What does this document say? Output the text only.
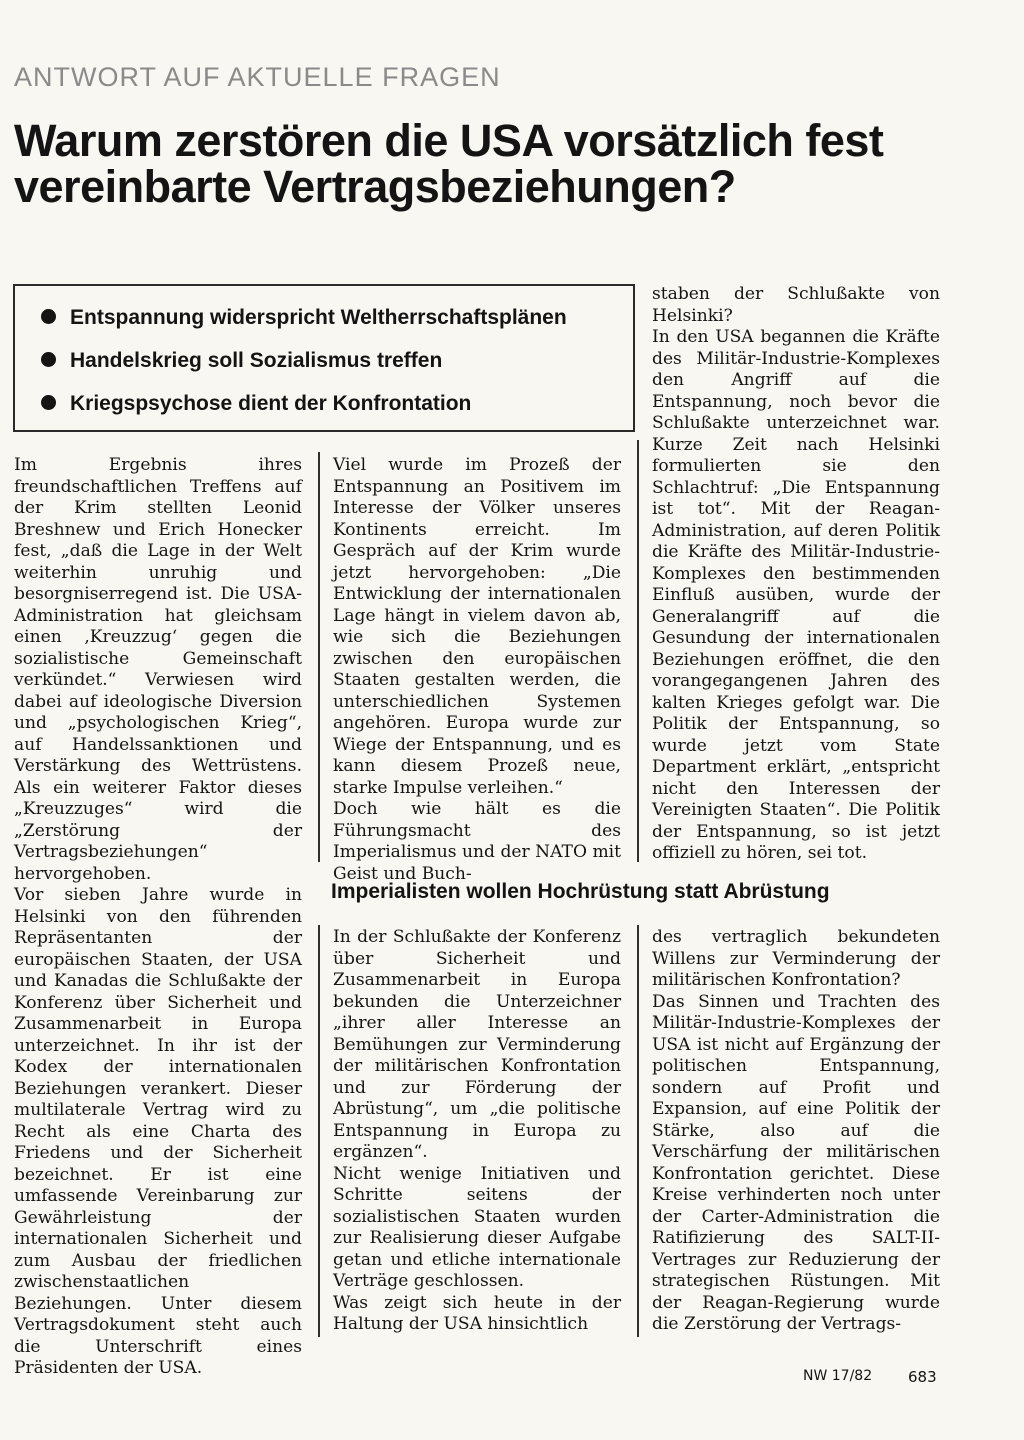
ANTWORT AUF AKTUELLE FRAGEN
Warum zerstören die USA vorsätzlich fest vereinbarte Vertragsbeziehungen?
Entspannung widerspricht Weltherrschaftsplänen
Handelskrieg soll Sozialismus treffen
Kriegspsychose dient der Konfrontation

Im Ergebnis ihres freundschaftlichen Treffens auf der Krim stellten Leonid Breshnew und Erich Honecker fest, „daß die Lage in der Welt weiterhin unruhig und besorgniserregend ist. Die USA-Administration hat gleichsam einen ‚Kreuzzug‘ gegen die sozialistische Gemeinschaft verkündet.“ Verwiesen wird dabei auf ideologische Diversion und „psychologischen Krieg“, auf Handelssanktionen und Verstärkung des Wettrüstens. Als ein weiterer Faktor dieses „Kreuzzuges“ wird die „Zerstörung der Vertragsbeziehungen“ hervorgehoben.

Vor sieben Jahre wurde in Helsinki von den führenden Repräsentanten der europäischen Staaten, der USA und Kanadas die Schlußakte der Konferenz über Sicherheit und Zusammenarbeit in Europa unterzeichnet. In ihr ist der Kodex der internationalen Beziehungen verankert. Dieser multilaterale Vertrag wird zu Recht als eine Charta des Friedens und der Sicherheit bezeichnet. Er ist eine umfassende Vereinbarung zur Gewährleistung der internationalen Sicherheit und zum Ausbau der friedlichen zwischenstaatlichen Beziehungen. Unter diesem Vertragsdokument steht auch die Unterschrift eines Präsidenten der USA.

Viel wurde im Prozeß der Entspannung an Positivem im Interesse der Völker unseres Kontinents erreicht. Im Gespräch auf der Krim wurde jetzt hervorgehoben: „Die Entwicklung der internationalen Lage hängt in vielem davon ab, wie sich die Beziehungen zwischen den europäischen Staaten gestalten werden, die unterschiedlichen Systemen angehören. Europa wurde zur Wiege der Entspannung, und es kann diesem Prozeß neue, starke Impulse verleihen.“

Doch wie hält es die Führungsmacht des Imperialismus und der NATO mit Geist und Buch-

staben der Schlußakte von Helsinki?

In den USA begannen die Kräfte des Militär-Industrie-Komplexes den Angriff auf die Entspannung, noch bevor die Schlußakte unterzeichnet war. Kurze Zeit nach Helsinki formulierten sie den Schlachtruf: „Die Entspannung ist tot“. Mit der Reagan-Administration, auf deren Politik die Kräfte des Militär-Industrie-Komplexes den bestimmenden Einfluß ausüben, wurde der Generalangriff auf die Gesundung der internationalen Beziehungen eröffnet, die den vorangegangenen Jahren des kalten Krieges gefolgt war. Die Politik der Entspannung, so wurde jetzt vom State Department erklärt, „entspricht nicht den Interessen der Vereinigten Staaten“. Die Politik der Entspannung, so ist jetzt offiziell zu hören, sei tot.

Imperialisten wollen Hochrüstung statt Abrüstung

In der Schlußakte der Konferenz über Sicherheit und Zusammenarbeit in Europa bekunden die Unterzeichner „ihrer aller Interesse an Bemühungen zur Verminderung der militärischen Konfrontation und zur Förderung der Abrüstung“, um „die politische Entspannung in Europa zu ergänzen“.

Nicht wenige Initiativen und Schritte seitens der sozialistischen Staaten wurden zur Realisierung dieser Aufgabe getan und etliche internationale Verträge geschlossen.

Was zeigt sich heute in der Haltung der USA hinsichtlich

des vertraglich bekundeten Willens zur Verminderung der militärischen Konfrontation?

Das Sinnen und Trachten des Militär-Industrie-Komplexes der USA ist nicht auf Ergänzung der politischen Entspannung, sondern auf Profit und Expansion, auf eine Politik der Stärke, also auf die Verschärfung der militärischen Konfrontation gerichtet. Diese Kreise verhinderten noch unter der Carter-Administration die Ratifizierung des SALT-II-Vertrages zur Reduzierung der strategischen Rüstungen. Mit der Reagan-Regierung wurde die Zerstörung der Vertrags-

NW 17/82 683
